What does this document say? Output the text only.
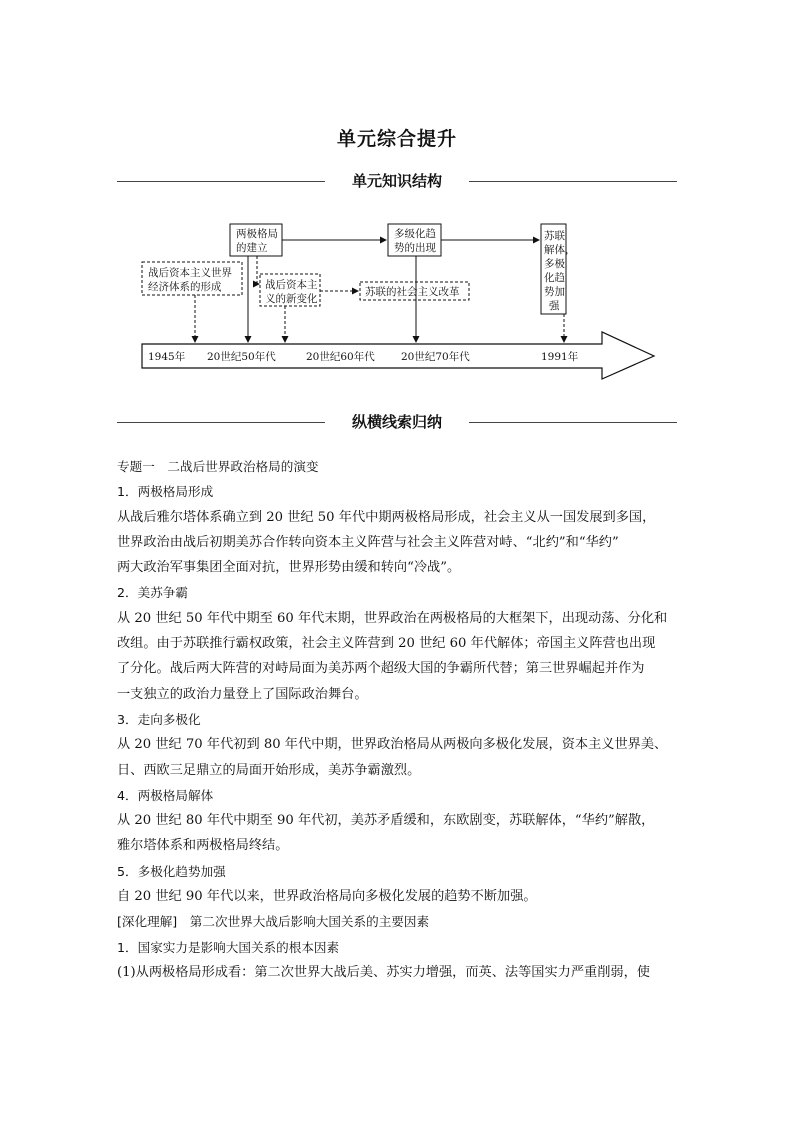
单元综合提升
单元知识结构
两极格局
的建立
多级化趋
势的出现
苏联
解体，
多极
化趋
势加
强
战后资本主义世界
经济体系的形成	战后资本主
义的新变化
苏联的社会主义改革
1945年 20世纪50年代	20世纪60年代	20世纪70年代	1991年
纵横线索归纳

专题一　二战后世界政治格局的演变

1．两极格局形成

从战后雅尔塔体系确立到 20 世纪 50 年代中期两极格局形成，社会主义从一国发展到多国，

世界政治由战后初期美苏合作转向资本主义阵营与社会主义阵营对峙、“北约”和“华约”

两大政治军事集团全面对抗，世界形势由缓和转向“冷战”。

2．美苏争霸

从 20 世纪 50 年代中期至 60 年代末期，世界政治在两极格局的大框架下，出现动荡、分化和

改组。由于苏联推行霸权政策，社会主义阵营到 20 世纪 60 年代解体；帝国主义阵营也出现

了分化。战后两大阵营的对峙局面为美苏两个超级大国的争霸所代替；第三世界崛起并作为

一支独立的政治力量登上了国际政治舞台。

3．走向多极化

从 20 世纪 70 年代初到 80 年代中期，世界政治格局从两极向多极化发展，资本主义世界美、

日、西欧三足鼎立的局面开始形成，美苏争霸激烈。

4．两极格局解体

从 20 世纪 80 年代中期至 90 年代初，美苏矛盾缓和，东欧剧变，苏联解体，“华约”解散，

雅尔塔体系和两极格局终结。

5．多极化趋势加强

自 20 世纪 90 年代以来，世界政治格局向多极化发展的趋势不断加强。

[深化理解]　第二次世界大战后影响大国关系的主要因素

1．国家实力是影响大国关系的根本因素

(1)从两极格局形成看：第二次世界大战后美、苏实力增强，而英、法等国实力严重削弱，使
